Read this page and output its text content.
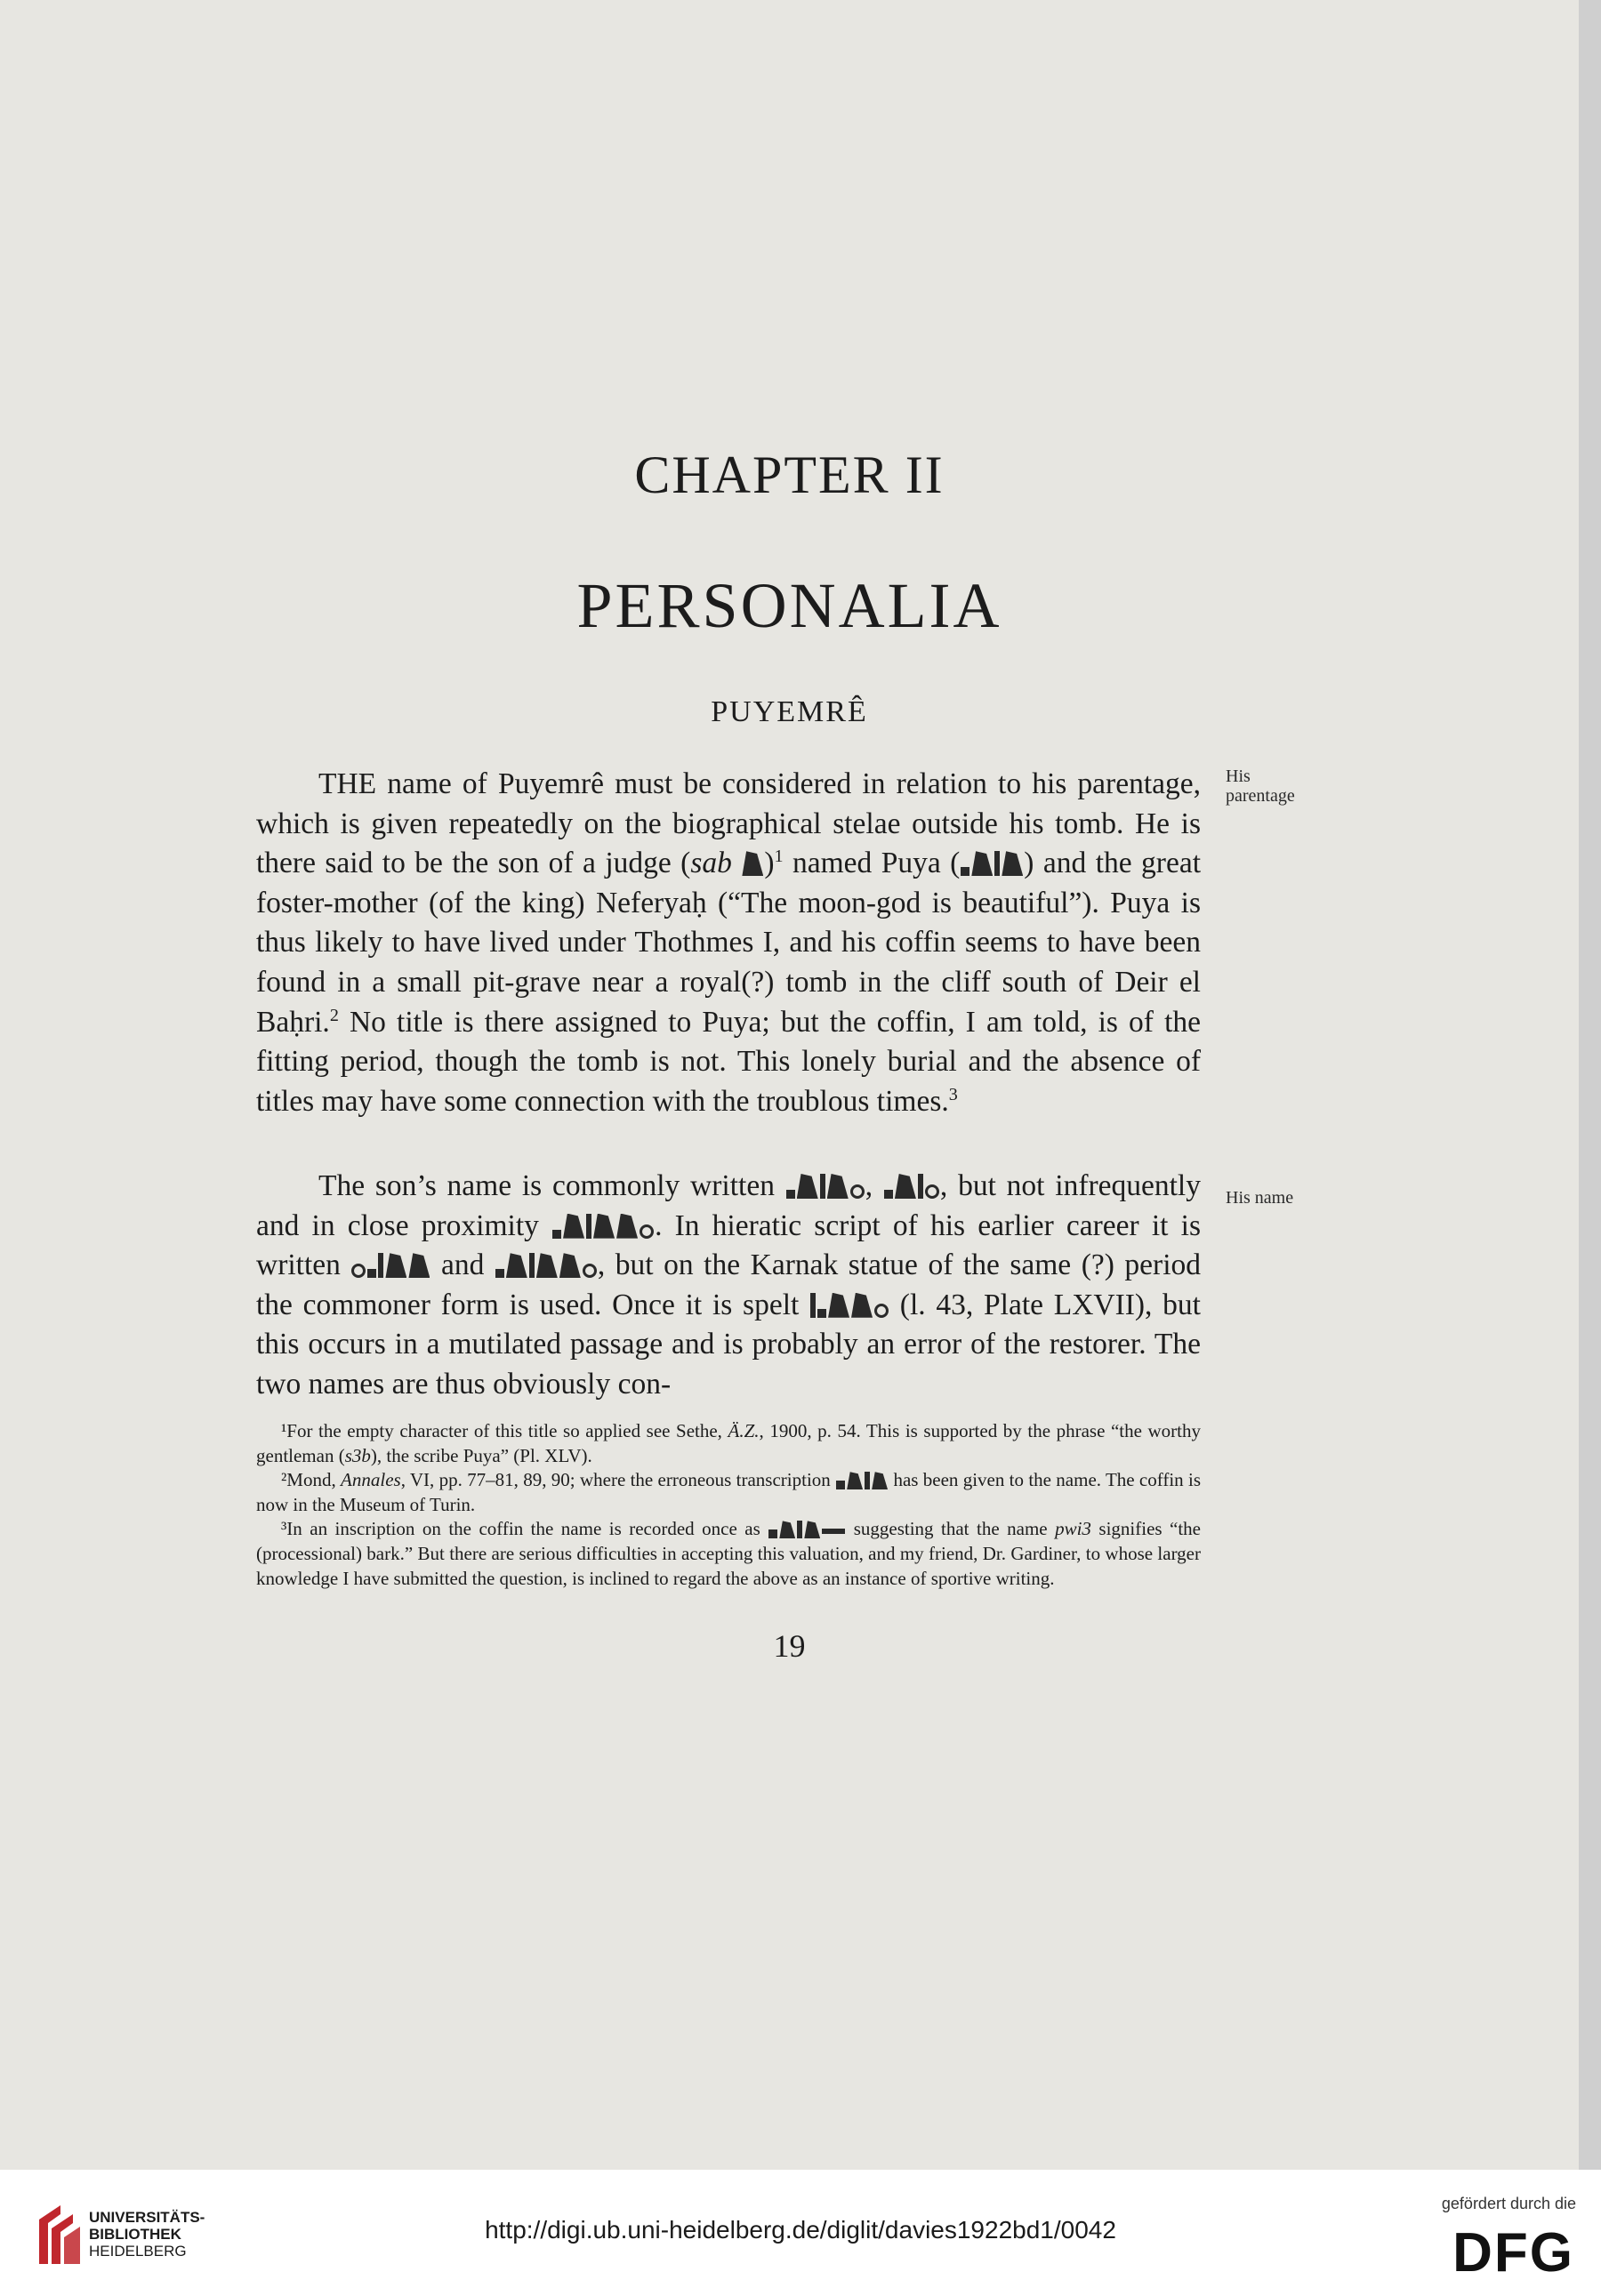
CHAPTER II
PERSONALIA
PUYEMRÊ
His
parentage
His name

THE name of Puyemrê must be considered in relation to his parentage, which is given repeatedly on the biographical stelae outside his tomb. He is there said to be the son of a judge (sab )$^1$ named Puya ( ) and the great foster-mother (of the king) Neferyaḥ (“The moon-god is beautiful”). Puya is thus likely to have lived under Thothmes I, and his coffin seems to have been found in a small pit-grave near a royal(?) tomb in the cliff south of Deir el Baḥri.$^2$ No title is there assigned to Puya; but the coffin, I am told, is of the fitting period, though the tomb is not. This lonely burial and the absence of titles may have some connection with the troublous times.$^3$

The son’s name is commonly written	, , but not infrequently and in close proximity	. In hieratic script of his earlier career it is written	and	, but on the Karnak statue of the same (?) period the commoner form is used. Once it is spelt	(l. 43, Plate LXVII), but this occurs in a mutilated passage and is probably an error of the restorer. The two names are thus obviously con-

¹For the empty character of this title so applied see Sethe, Ä.Z., 1900, p. 54. This is supported by the phrase “the worthy gentleman (s3b), the scribe Puya” (Pl. XLV).

²Mond, Annales, VI, pp. 77–81, 89, 90; where the erroneous transcription	has been given to the name. The coffin is now in the Museum of Turin.

³In an inscription on the coffin the name is recorded once as	suggesting that the name pwi3 signifies “the (processional) bark.” But there are serious difficulties in accepting this valuation, and my friend, Dr. Gardiner, to whose larger knowledge I have submitted the question, is inclined to regard the above as an instance of sportive writing.

19
UNIVERSITÄTS-
BIBLIOTHEK
HEIDELBERG
http://digi.ub.uni-heidelberg.de/diglit/davies1922bd1/0042
gefördert durch die
DFG
